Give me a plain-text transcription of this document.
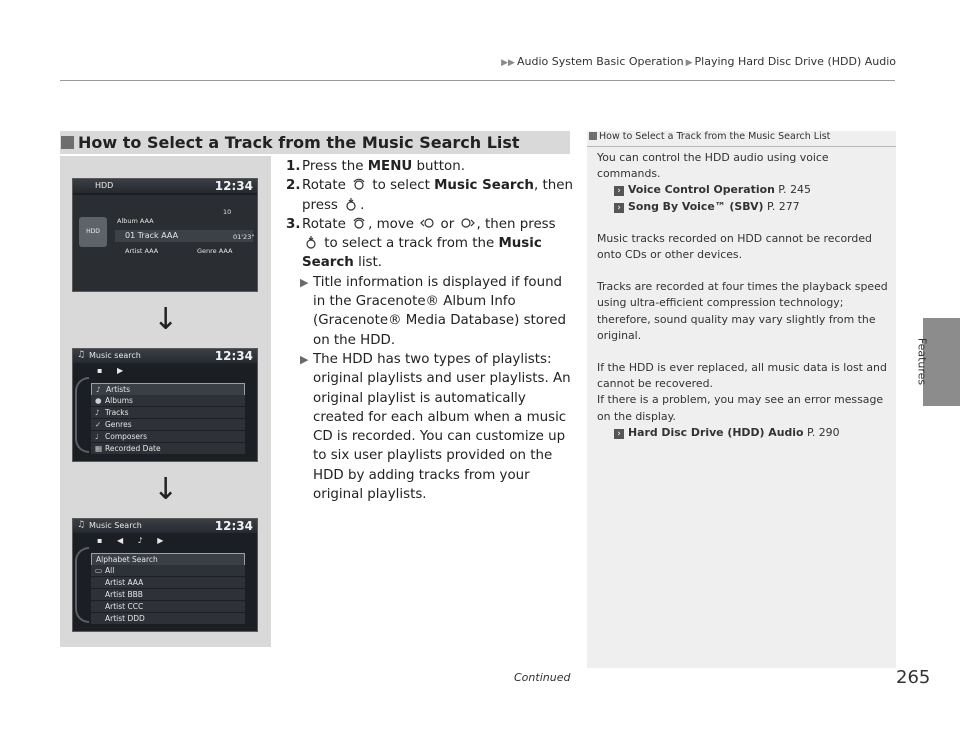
▶▶ Audio System Basic Operation ▶ Playing Hard Disc Drive (HDD) Audio
Features
How to Select a Track from the Music Search List
HDD	12:34
HDD
10
Album AAA
01 Track AAA	01'23"
Artist AAA	Genre AAA
↓
♫ Music search	12:34
▪ ▶
♪ Artists
● Albums
♪ Tracks
✓ Genres
♩ Composers
▦ Recorded Date
↓
♫ Music Search	12:34
▪ ◀ ♪ ▶
Alphabet Search
▭ All
Artist AAA
Artist BBB
Artist CCC
Artist DDD
1. Press the MENU button.
2. Rotate  to select Music Search, then press .
3. Rotate , move  or , then press  to select a track from the Music Search list.
▶ Title information is displayed if found in the Gracenote® Album Info (Gracenote® Media Database) stored on the HDD.
▶ The HDD has two types of playlists: original playlists and user playlists. An original playlist is automatically created for each album when a music CD is recorded. You can customize up to six user playlists provided on the HDD by adding tracks from your original playlists.
How to Select a Track from the Music Search List
You can control the HDD audio using voice commands.
› Voice Control Operation P. 245
› Song By Voice™ (SBV) P. 277
Music tracks recorded on HDD cannot be recorded onto CDs or other devices.
Tracks are recorded at four times the playback speed using ultra-efficient compression technology; therefore, sound quality may vary slightly from the original.
If the HDD is ever replaced, all music data is lost and cannot be recovered.
If there is a problem, you may see an error message on the display.
› Hard Disc Drive (HDD) Audio P. 290
Continued	265
